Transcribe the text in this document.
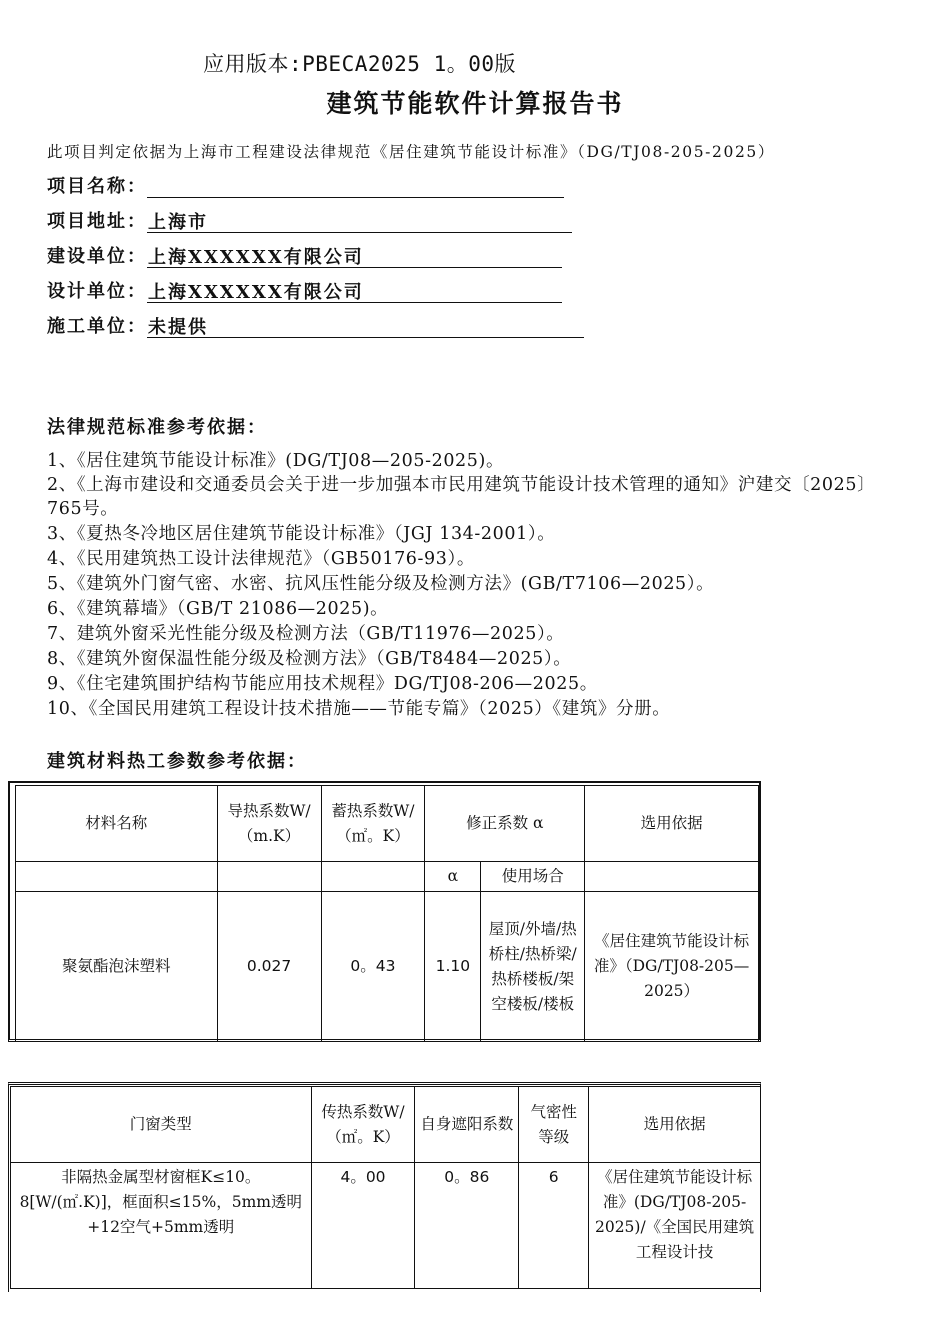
应用版本:PBECA2025 1。00版
建筑节能软件计算报告书
此项目判定依据为上海市工程建设法律规范《居住建筑节能设计标准》（DG/TJ08-205-2025）
项目名称：
项目地址：上海市
建设单位：上海XXXXXX有限公司
设计单位：上海XXXXXX有限公司
施工单位：未提供
法律规范标准参考依据：
1、《居住建筑节能设计标准》(DG/TJ08—205-2025)。
2、《上海市建设和交通委员会关于进一步加强本市民用建筑节能设计技术管理的通知》沪建交〔2025〕765号。
3、《夏热冬冷地区居住建筑节能设计标准》（JGJ 134-2001）。
4、《民用建筑热工设计法律规范》（GB50176-93）。
5、《建筑外门窗气密、水密、抗风压性能分级及检测方法》(GB/T7106—2025）。
6、《建筑幕墙》（GB/T 21086—2025)。
7、建筑外窗采光性能分级及检测方法（GB/T11976—2025）。
8、《建筑外窗保温性能分级及检测方法》（GB/T8484—2025）。
9、《住宅建筑围护结构节能应用技术规程》DG/TJ08-206—2025。
10、《全国民用建筑工程设计技术措施——节能专篇》（2025）《建筑》分册。
建筑材料热工参数参考依据：
材料名称	导热系数W/（m.K）	蓄热系数W/（㎡。K）	修正系数 α		选用依据
			α	使用场合	
聚氨酯泡沫塑料	0.027	0。43	1.10	屋顶/外墙/热桥柱/热桥梁/热桥楼板/架空楼板/楼板	《居住建筑节能设计标准》（DG/TJ08-205—2025）
门窗类型	传热系数W/（㎡。K）	自身遮阳系数	气密性等级	选用依据
非隔热金属型材窗框K≤10。8[W/(㎡.K)]，框面积≤15%，5mm透明+12空气+5mm透明	4。00	0。86	6	《居住建筑节能设计标准》(DG/TJ08-205-2025)/《全国民用建筑工程设计技
